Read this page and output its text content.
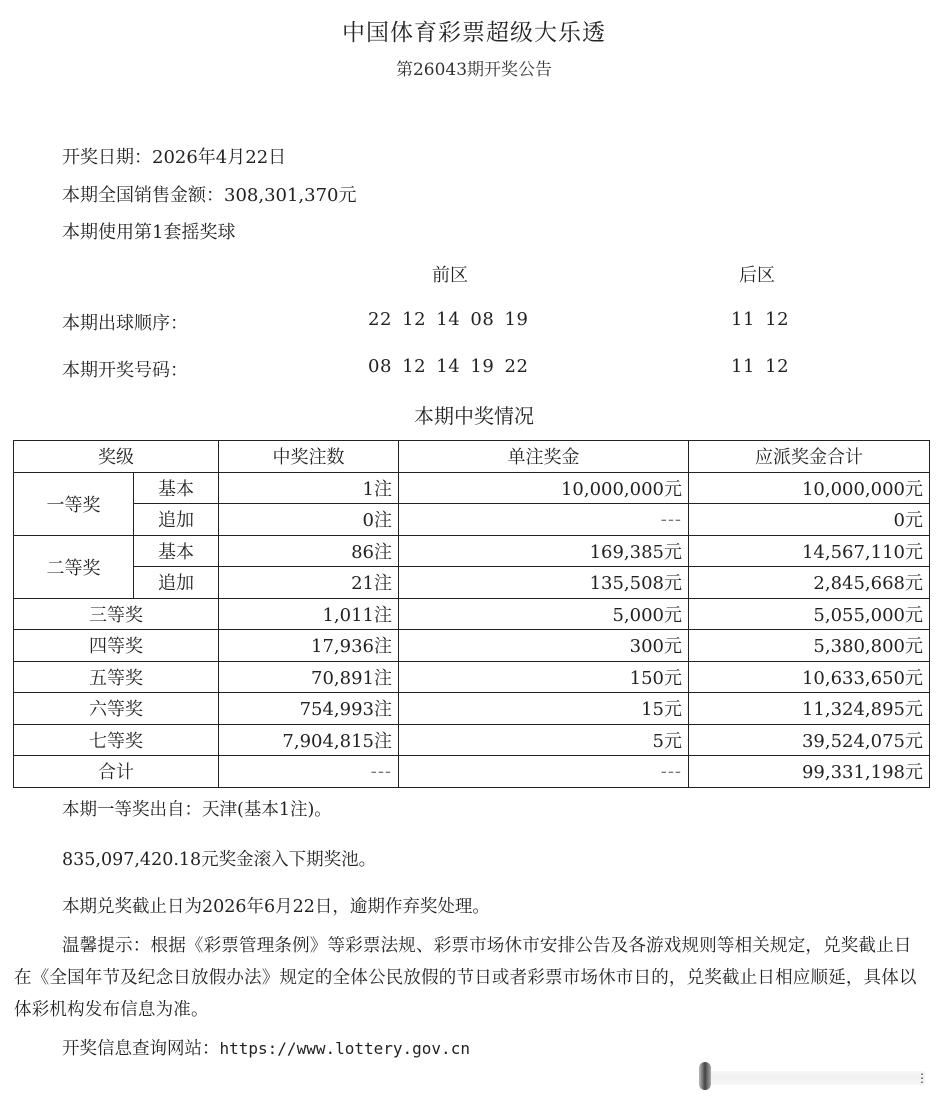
中国体育彩票超级大乐透
第26043期开奖公告
开奖日期：2026年4月22日
本期全国销售金额：308,301,370元
本期使用第1套摇奖球
前区	后区
本期出球顺序：	22 12 14 08 19	11 12
本期开奖号码：	08 12 14 19 22	11 12
本期中奖情况
奖级		中奖注数	单注奖金	应派奖金合计
一等奖	基本	1注	10,000,000元	10,000,000元
	追加	0注	---	0元
二等奖	基本	86注	169,385元	14,567,110元
	追加	21注	135,508元	2,845,668元
三等奖		1,011注	5,000元	5,055,000元
四等奖		17,936注	300元	5,380,800元
五等奖		70,891注	150元	10,633,650元
六等奖		754,993注	15元	11,324,895元
七等奖		7,904,815注	5元	39,524,075元
合计		---	---	99,331,198元
本期一等奖出自：天津(基本1注)。
835,097,420.18元奖金滚入下期奖池。
本期兑奖截止日为2026年6月22日，逾期作弃奖处理。
温馨提示：根据《彩票管理条例》等彩票法规、彩票市场休市安排公告及各游戏规则等相关规定，兑奖截止日在《全国年节及纪念日放假办法》规定的全体公民放假的节日或者彩票市场休市日的，兑奖截止日相应顺延，具体以体彩机构发布信息为准。
开奖信息查询网站：https://www.lottery.gov.cn
⋮
